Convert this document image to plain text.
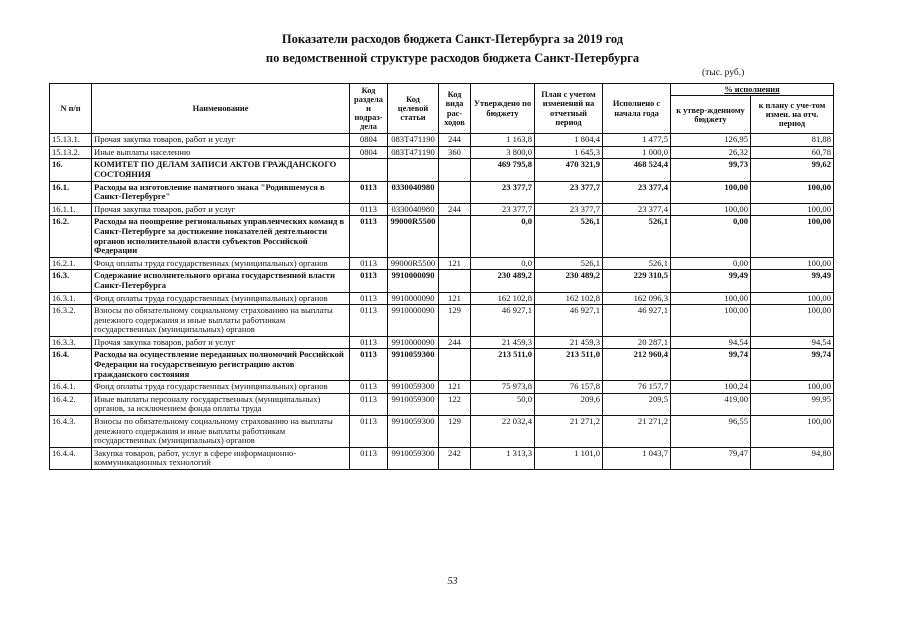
Показатели расходов бюджета Санкт-Петербурга за 2019 год
по ведомственной структуре расходов бюджета Санкт-Петербурга
(тыс. руб.)
N п/п	Наименование	Код раздела и подраз-дела	Код целевой статьи	Код вида рас-ходов	Утверждено по бюджету	План с учетом изменений на отчетный период	Исполнено с начала года	% исполнения	
								к утвер-жденному бюджету	к плану с уче-том измен. на отч. период
15.13.1.	Прочая закупка товаров, работ и услуг	0804	083Т471190	244	1 163,8	1 804,4	1 477,5	126,95	81,88
15.13.2.	Иные выплаты населению	0804	083Т471190	360	3 800,0	1 645,3	1 000,0	26,32	60,78
16.	КОМИТЕТ ПО ДЕЛАМ ЗАПИСИ АКТОВ ГРАЖДАНСКОГО СОСТОЯНИЯ				469 795,8	470 321,9	468 524,4	99,73	99,62
16.1.	Расходы на изготовление памятного знака "Родившемуся в Санкт-Петербурге"	0113	0330040980		23 377,7	23 377,7	23 377,4	100,00	100,00
16.1.1.	Прочая закупка товаров, работ и услуг	0113	0330040980	244	23 377,7	23 377,7	23 377,4	100,00	100,00
16.2.	Расходы на поощрение региональных управленческих команд в Санкт-Петербурге за достижение показателей деятельности органов исполнительной власти субъектов Российской Федерации	0113	99000R5500		0,0	526,1	526,1	0,00	100,00
16.2.1.	Фонд оплаты труда государственных (муниципальных) органов	0113	99000R5500	121	0,0	526,1	526,1	0,00	100,00
16.3.	Содержание исполнительного органа государственной власти Санкт-Петербурга	0113	9910000090		230 489,2	230 489,2	229 310,5	99,49	99,49
16.3.1.	Фонд оплаты труда государственных (муниципальных) органов	0113	9910000090	121	162 102,8	162 102,8	162 096,3	100,00	100,00
16.3.2.	Взносы по обязательному социальному страхованию на выплаты денежного содержания и иные выплаты работникам государственных (муниципальных) органов	0113	9910000090	129	46 927,1	46 927,1	46 927,1	100,00	100,00
16.3.3.	Прочая закупка товаров, работ и услуг	0113	9910000090	244	21 459,3	21 459,3	20 287,1	94,54	94,54
16.4.	Расходы на осуществление переданных полномочий Российской Федерации на государственную регистрацию актов гражданского состояния	0113	9910059300		213 511,0	213 511,0	212 960,4	99,74	99,74
16.4.1.	Фонд оплаты труда государственных (муниципальных) органов	0113	9910059300	121	75 973,8	76 157,8	76 157,7	100,24	100,00
16.4.2.	Иные выплаты персоналу государственных (муниципальных) органов, за исключением фонда оплаты труда	0113	9910059300	122	50,0	209,6	209,5	419,00	99,95
16.4.3.	Взносы по обязательному социальному страхованию на выплаты денежного содержания и иные выплаты работникам государственных (муниципальных) органов	0113	9910059300	129	22 032,4	21 271,2	21 271,2	96,55	100,00
16.4.4.	Закупка товаров, работ, услуг в сфере информационно-коммуникационных технологий	0113	9910059300	242	1 313,3	1 101,0	1 043,7	79,47	94,80
53
